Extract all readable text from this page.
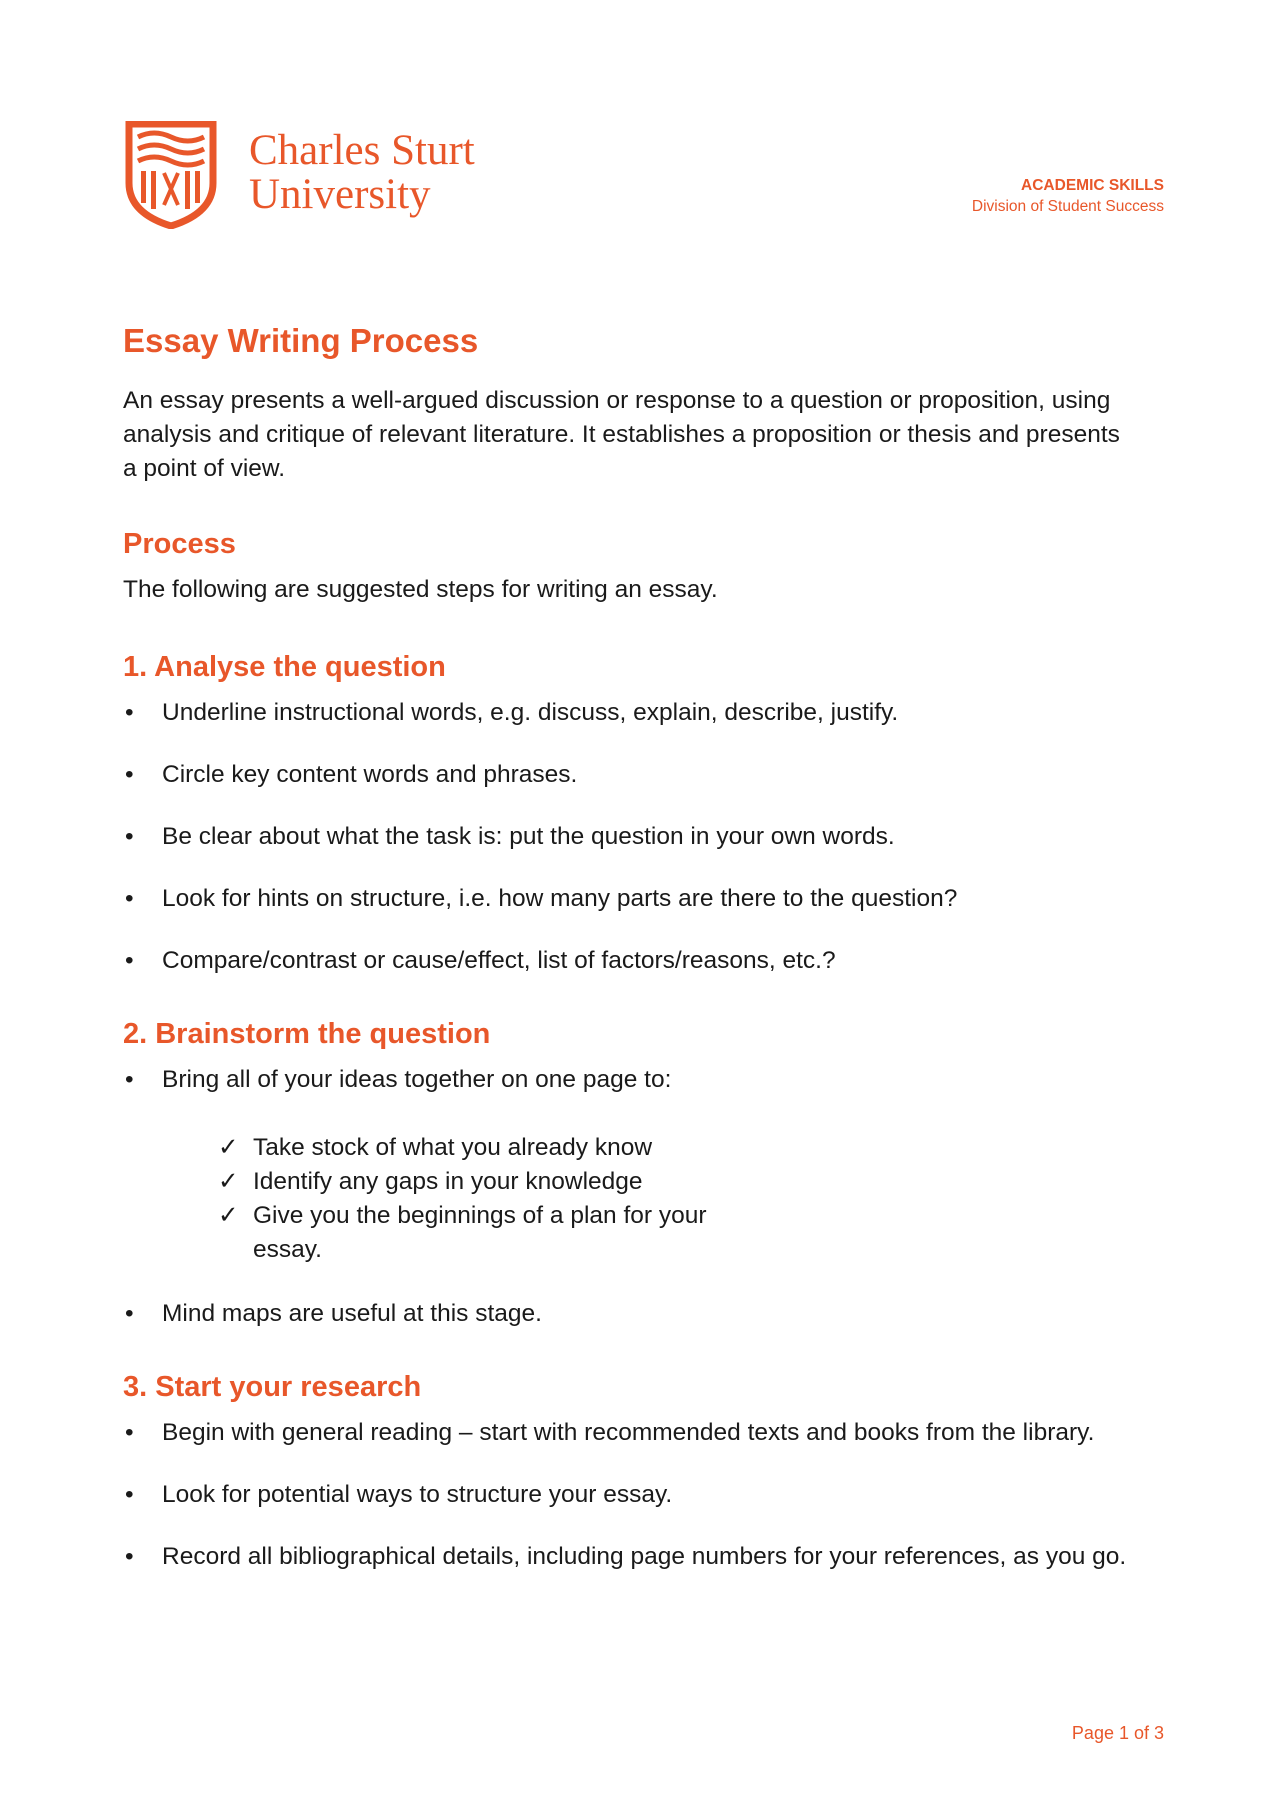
Charles Sturt
University	ACADEMIC SKILLS
Division of Student Success
Essay Writing Process

An essay presents a well-argued discussion or response to a question or proposition, using analysis and critique of relevant literature. It establishes a proposition or thesis and presents a point of view.

Process

The following are suggested steps for writing an essay.

1. Analyse the question
• Underline instructional words, e.g. discuss, explain, describe, justify.
• Circle key content words and phrases.
• Be clear about what the task is: put the question in your own words.
• Look for hints on structure, i.e. how many parts are there to the question?
• Compare/contrast or cause/effect, list of factors/reasons, etc.?
2. Brainstorm the question
• Bring all of your ideas together on one page to:
✓ Take stock of what you already know
✓ Identify any gaps in your knowledge
✓ Give you the beginnings of a plan for your essay.
• Mind maps are useful at this stage.
3. Start your research
• Begin with general reading – start with recommended texts and books from the library.
• Look for potential ways to structure your essay.
• Record all bibliographical details, including page numbers for your references, as you go.
Page 1 of 3
